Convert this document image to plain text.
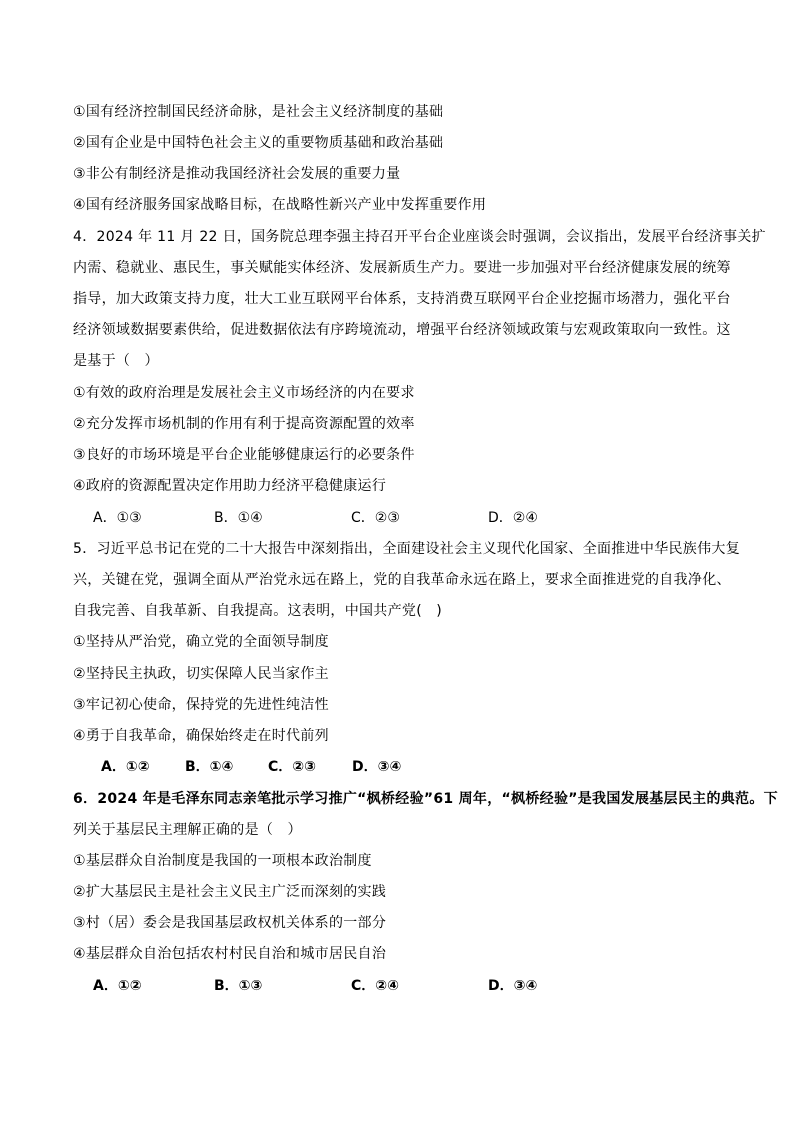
①国有经济控制国民经济命脉，是社会主义经济制度的基础
②国有企业是中国特色社会主义的重要物质基础和政治基础
③非公有制经济是推动我国经济社会发展的重要力量
④国有经济服务国家战略目标，在战略性新兴产业中发挥重要作用
4．2024 年 11 月 22 日，国务院总理李强主持召开平台企业座谈会时强调，会议指出，发展平台经济事关扩
内需、稳就业、惠民生，事关赋能实体经济、发展新质生产力。要进一步加强对平台经济健康发展的统筹
指导，加大政策支持力度，壮大工业互联网平台体系，支持消费互联网平台企业挖掘市场潜力，强化平台
经济领域数据要素供给，促进数据依法有序跨境流动，增强平台经济领域政策与宏观政策取向一致性。这
是基于（　）
①有效的政府治理是发展社会主义市场经济的内在要求
②充分发挥市场机制的作用有利于提高资源配置的效率
③良好的市场环境是平台企业能够健康运行的必要条件
④政府的资源配置决定作用助力经济平稳健康运行
A．①③	B．①④	C．②③	D．②④
5．习近平总书记在党的二十大报告中深刻指出，全面建设社会主义现代化国家、全面推进中华民族伟大复
兴，关键在党，强调全面从严治党永远在路上，党的自我革命永远在路上，要求全面推进党的自我净化、
自我完善、自我革新、自我提高。这表明，中国共产党(　)
①坚持从严治党，确立党的全面领导制度
②坚持民主执政，切实保障人民当家作主
③牢记初心使命，保持党的先进性纯洁性
④勇于自我革命，确保始终走在时代前列
A．①②	B．①④ C．②③	D．③④
6．2024 年是毛泽东同志亲笔批示学习推广“枫桥经验”61 周年，“枫桥经验”是我国发展基层民主的典范。下
列关于基层民主理解正确的是（　）
①基层群众自治制度是我国的一项根本政治制度
②扩大基层民主是社会主义民主广泛而深刻的实践
③村（居）委会是我国基层政权机关体系的一部分
④基层群众自治包括农村村民自治和城市居民自治
A．①②	B．①③	C．②④	D．③④
